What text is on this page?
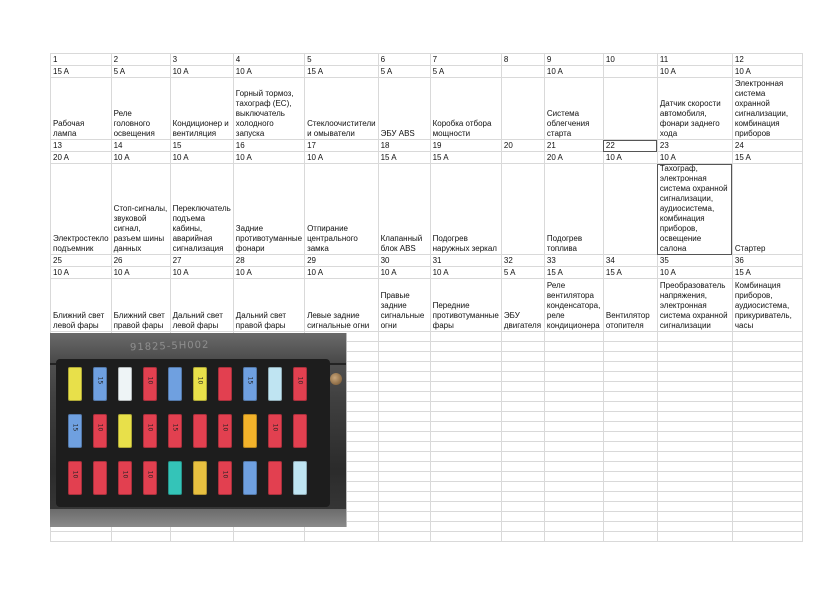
1	2	3	4	5	6	7	8	9	10	11	12
15 A	5 A	10 A	10 A	15 A	5 A	5 A		10 A		10 A	10 A
Рабочая лампа	Реле головного освещения	Кондиционер и вентиляция	Горный тормоз, тахограф (ЕС), выключатель холодного запуска	Стеклоочистители и омыватели	ЭБУ ABS	Коробка отбора мощности		Система облегчения старта		Датчик скорости автомобиля, фонари заднего хода	Электронная система охранной сигнализации, комбинация приборов
13	14	15	16	17	18	19	20	21	22	23	24
20 A	10 A	10 A	10 A	10 A	15 A	15 A		20 A	10 A	10 A	15 A
Электростекло подъемник	Стоп-сигналы, звуковой сигнал, разъем шины данных	Переключатель подъема кабины, аварийная сигнализация	Задние противотуманные фонари	Отпирание центрального замка	Клапанный блок ABS	Подогрев наружных зеркал		Подогрев топлива		Тахограф, электронная система охранной сигнализации, аудиосистема, комбинация приборов, освещение салона	Стартер
25	26	27	28	29	30	31	32	33	34	35	36
10 A	10 A	10 A	10 A	10 A	10 A	10 A	5 A	15 A	15 A	10 A	15 A
Ближний свет левой фары	Ближний свет правой фары	Дальний свет левой фары	Дальний свет правой фары	Левые задние сигнальные огни	Правые задние сигнальные огни	Передние противотуманные фары	ЭБУ двигателя	Реле вентилятора конденсатора, реле кондиционера	Вентилятор отопителя	Преобразователь напряжения, электронная система охранной сигнализации	Комбинация приборов, аудиосистема, прикуриватель, часы

91825-5H002
15	10	10	15	10
15	10	10	15	10	10
10	10	10	10
